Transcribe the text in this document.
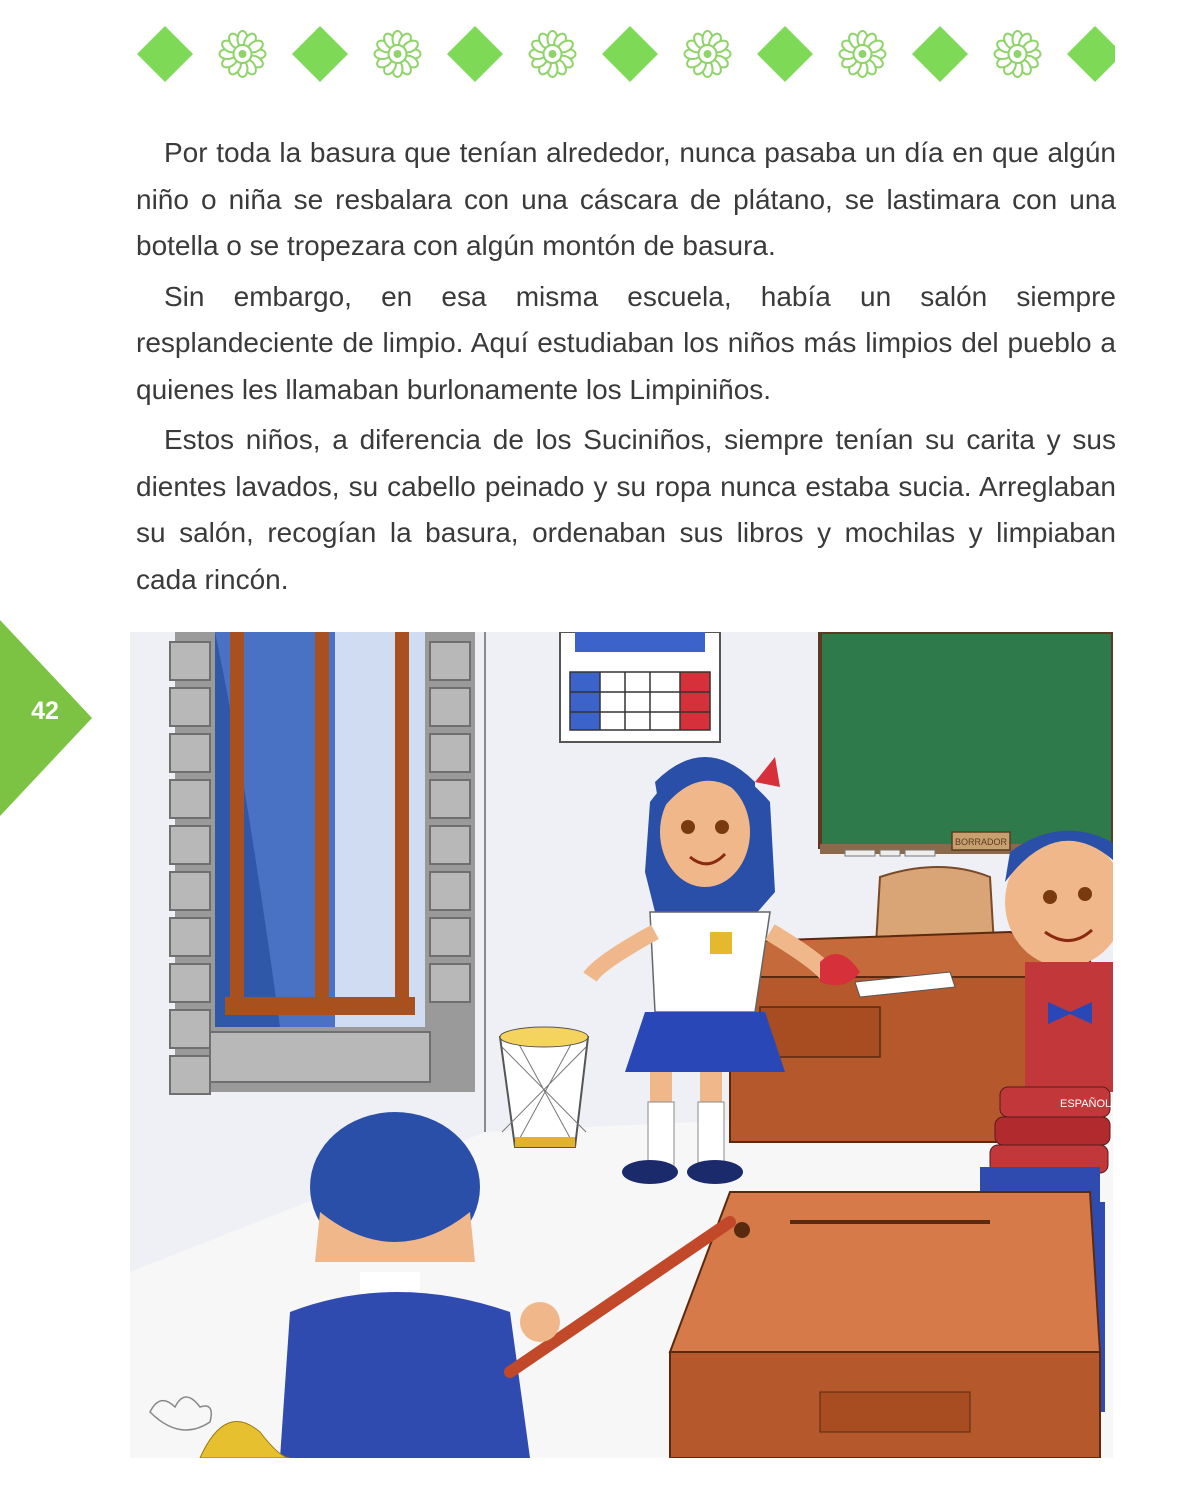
Por toda la basura que tenían alrededor, nunca pasaba un día en que algún niño o niña se resbalara con una cáscara de plátano, se lastimara con una botella o se tropezara con algún montón de basura.

Sin embargo, en esa misma escuela, había un salón siempre resplandeciente de limpio. Aquí estudiaban los niños más limpios del pueblo a quienes les llamaban burlonamente los Limpiniños.

Estos niños, a diferencia de los Suciniños, siempre tenían su carita y sus dientes lavados, su cabello peinado y su ropa nunca estaba sucia. Arreglaban su salón, recogían la basura, ordenaban sus libros y mochilas y limpiaban cada rincón.

42
BORRADOR
ESPAÑOL
